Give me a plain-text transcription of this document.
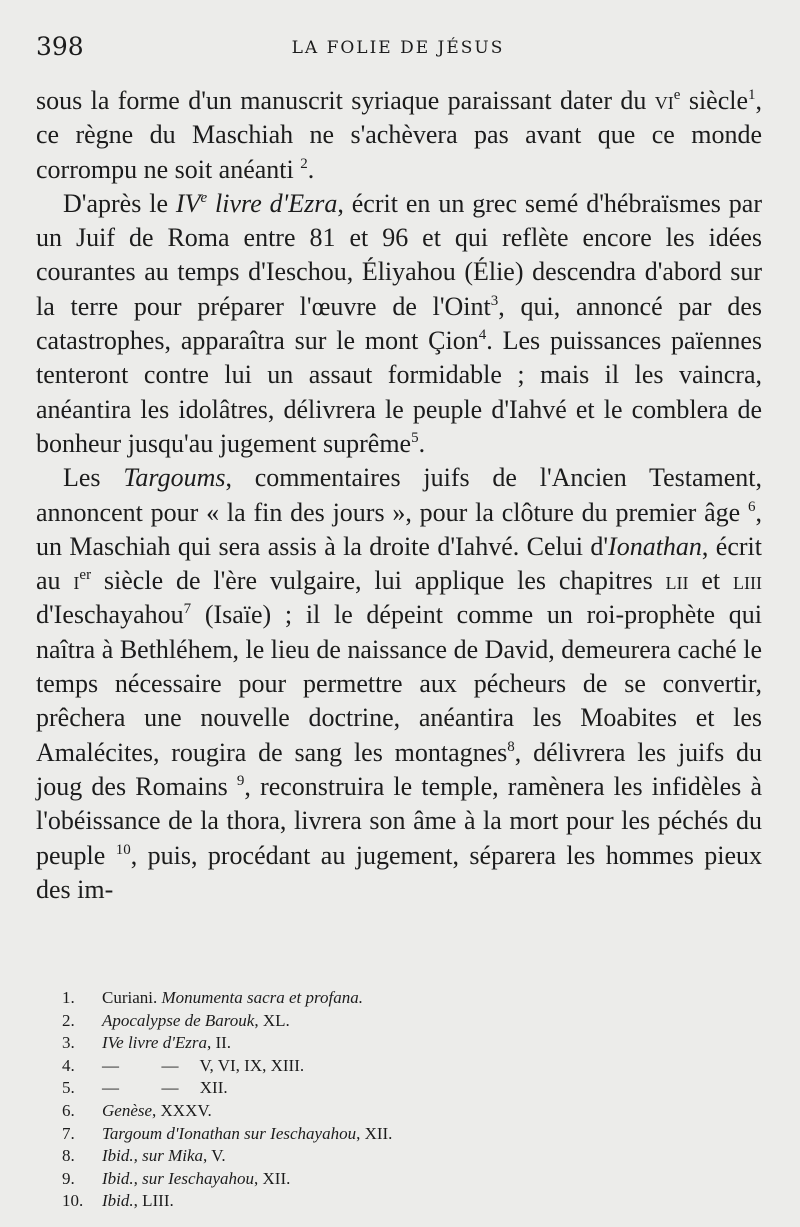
398	LA FOLIE DE JÉSUS

sous la forme d'un manuscrit syriaque paraissant dater du $vi^e$ siècle$^1$, ce règne du Maschiah ne s'achèvera pas avant que ce monde corrompu ne soit anéanti $^2$.

D'après le IVe livre d'Ezra, écrit en un grec semé d'hébraïsmes par un Juif de Roma entre 81 et 96 et qui reflète encore les idées courantes au temps d'Ieschou, Éliyahou (Élie) descendra d'abord sur la terre pour préparer l'œuvre de l'Oint$^3$, qui, annoncé par des catastrophes, apparaîtra sur le mont Çion$^4$. Les puissances païennes tenteront contre lui un assaut formidable ; mais il les vaincra, anéantira les idolâtres, délivrera le peuple d'Iahvé et le comblera de bonheur jusqu'au jugement suprême$^5$.

Les Targoums, commentaires juifs de l'Ancien Testament, annoncent pour « la fin des jours », pour la clôture du premier âge $^6$, un Maschiah qui sera assis à la droite d'Iahvé. Celui d'Ionathan, écrit au $i^{er}$ siècle de l'ère vulgaire, lui applique les chapitres lii et liii d'Ieschayahou$^7$ (Isaïe) ; il le dépeint comme un roi-prophète qui naîtra à Bethléhem, le lieu de naissance de David, demeurera caché le temps nécessaire pour permettre aux pécheurs de se convertir, prêchera une nouvelle doctrine, anéantira les Moabites et les Amalécites, rougira de sang les montagnes$^8$, délivrera les juifs du joug des Romains $^9$, reconstruira le temple, ramènera les infidèles à l'obéissance de la thora, livrera son âme à la mort pour les péchés du peuple $^{10}$, puis, procédant au jugement, séparera les hommes pieux des im-

1.	Curiani. Monumenta sacra et profana.
2.	Apocalypse de Barouk, XL.
3.	IVe livre d'Ezra, II.
4.	—          —     V, VI, IX, XIII.
5.	—          —     XII.
6.	Genèse, XXXV.
7.	Targoum d'Ionathan sur Ieschayahou, XII.
8.	Ibid., sur Mika, V.
9.	Ibid., sur Ieschayahou, XII.
10.	Ibid., LIII.
